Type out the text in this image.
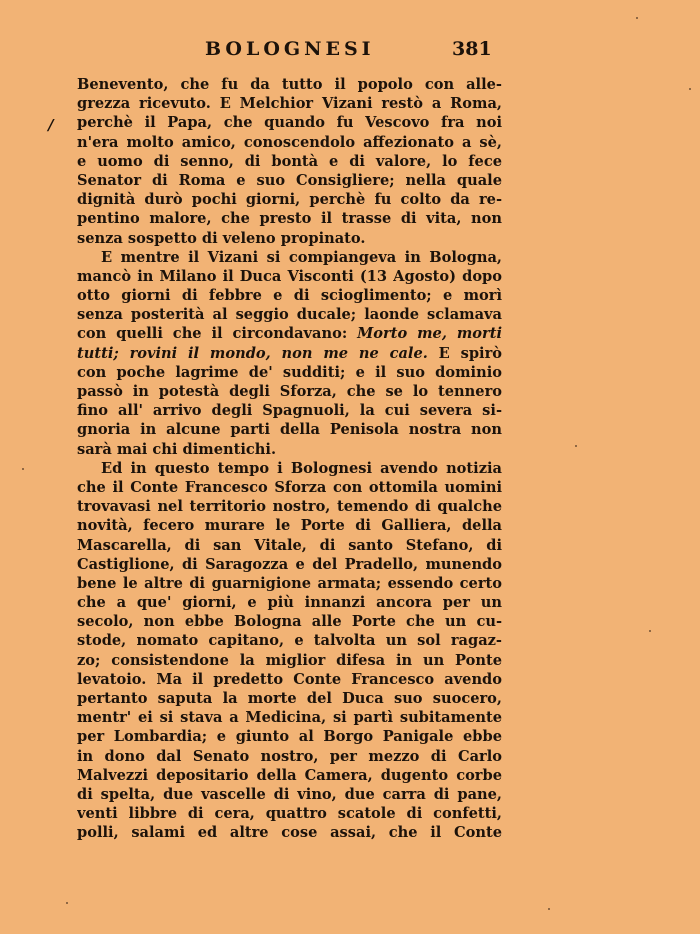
BOLOGNESI	381
/
Benevento, che fu da tutto il popolo con alle-
grezza ricevuto. E Melchior Vizani restò a Roma,
perchè il Papa, che quando fu Vescovo fra noi
n'era molto amico, conoscendolo affezionato a sè,
e uomo di senno, di bontà e di valore, lo fece
Senator di Roma e suo Consigliere; nella quale
dignità durò pochi giorni, perchè fu colto da re-
pentino malore, che presto il trasse di vita, non
senza sospetto di veleno propinato.
E mentre il Vizani si compiangeva in Bologna,
mancò in Milano il Duca Visconti (13 Agosto) dopo
otto giorni di febbre e di scioglimento; e morì
senza posterità al seggio ducale; laonde sclamava
con quelli che il circondavano: Morto me, morti
tutti; rovini il mondo, non me ne cale. E spirò
con poche lagrime de' sudditi; e il suo dominio
passò in potestà degli Sforza, che se lo tennero
fino all' arrivo degli Spagnuoli, la cui severa si-
gnoria in alcune parti della Penisola nostra non
sarà mai chi dimentichi.
Ed in questo tempo i Bolognesi avendo notizia
che il Conte Francesco Sforza con ottomila uomini
trovavasi nel territorio nostro, temendo di qualche
novità, fecero murare le Porte di Galliera, della
Mascarella, di san Vitale, di santo Stefano, di
Castiglione, di Saragozza e del Pradello, munendo
bene le altre di guarnigione armata; essendo certo
che a que' giorni, e più innanzi ancora per un
secolo, non ebbe Bologna alle Porte che un cu-
stode, nomato capitano, e talvolta un sol ragaz-
zo; consistendone la miglior difesa in un Ponte
levatoio. Ma il predetto Conte Francesco avendo
pertanto saputa la morte del Duca suo suocero,
mentr' ei si stava a Medicina, si partì subitamente
per Lombardia; e giunto al Borgo Panigale ebbe
in dono dal Senato nostro, per mezzo di Carlo
Malvezzi depositario della Camera, dugento corbe
di spelta, due vascelle di vino, due carra di pane,
venti libbre di cera, quattro scatole di confetti,
polli, salami ed altre cose assai, che il Conte
